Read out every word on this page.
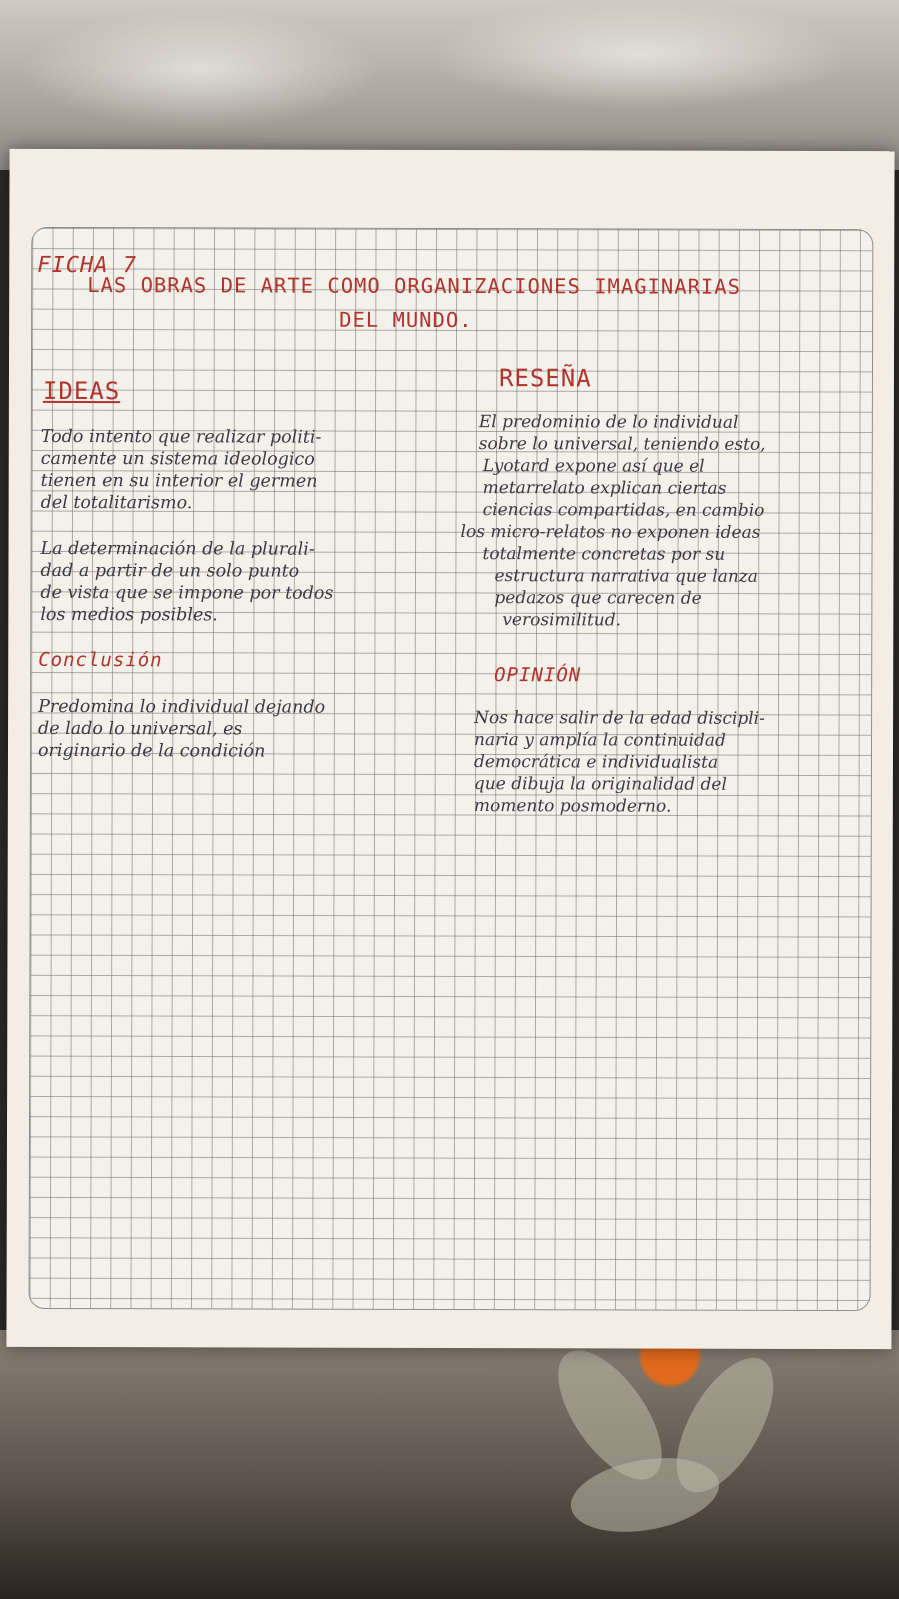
FICHA 7

LAS OBRAS DE ARTE COMO ORGANIZACIONES IMAGINARIAS

DEL MUNDO.

IDEAS

Todo intento que realizar politi-
camente un sistema ideologico
tienen en su interior el germen
del totalitarismo.
La determinación de la plurali-
dad a partir de un solo punto
de vista que se impone por todos
los medios posibles.

Conclusión

Predomina lo individual dejando
de lado lo universal, es
originario de la condición

RESEÑA

El predominio de lo individual
sobre lo universal, teniendo esto,
Lyotard expone así que el
metarrelato explican ciertas
ciencias compartidas, en cambio
los micro-relatos no exponen ideas
totalmente concretas por su
estructura narrativa que lanza
pedazos que carecen de
verosimilitud.

OPINIÓN

Nos hace salir de la edad discipli-
naria y amplía la continuidad
democrática e individualista
que dibuja la originalidad del
momento posmoderno.
